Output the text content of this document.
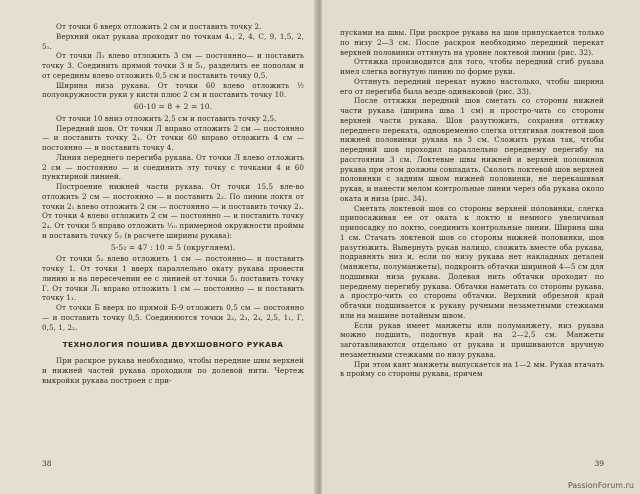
От точки 6 вверх отложить 2 см и поставить точку 2.

Верхний окат рукава проходит по точкам 4₁, 2, 4, С, 9, 1,5, 2, 5₁.

От точки Л₁ влево отложить 3 см — постоянно— и поставить точку 3. Соединить прямой точки 3 и 5₁, разделить ее пополам и от середины влево отложить 0,5 см и поставить точку 0,5.

Ширина низа рукава. От точки 60 влево отложить ½ полуокружности руки у кисти плюс 2 см и поставить точку 10.

60-10 = 8 + 2 = 10.

От точки 10 вниз отложить 2,5 см и поставить точку 2,5.

Передний шов. От точки Л вправо отложить 2 см — постоянно — и поставить точку 2₁. От точки 60 вправо отложить 4 см — постоянно — и поставить точку 4.

Линия переднего перегиба рукава. От точки Л влево отложить 2 см — постоянно — и соединить эту точку с точками 4 и 60 пунктирной линией.

Построение нижней части рукава. От точки 15,5 вле-во отложить 2 см — постоянно — и поставить 2₂. По линии локтя от точки 2₁ влево отложить 2 см — постоянно — и поставить точку 2₃. От точки 4 влево отложить 2 см — постоянно — и поставить точку 2₄. От точки 5 вправо отложить ¹⁄₁₀ примерной окружности проймы и поставить точку 5₂ (в расчете ширины рукава):

5-5₂ = 47 : 10 = 5 (округляем).

От точки 5₂ влево отложить 1 см — постоянно— и поставить точку 1. От точки 1 вверх параллельно окату рукава провести линию и на пересечении ее с линией от точки 5₁ поставить точку Г. От точки Л₁ вправо отложить 1 см — постоянно — и поставить точку 1₁.

От точки Б вверх по прямой Б-9 отложить 0,5 см — постоянно — и поставить точку 0,5. Соединяются точки 2₂, 2₃, 2₄, 2,5, 1₁, Г, 0,5, 1, 2₂.

ТЕХНОЛОГИЯ ПОШИВА ДВУХШОВНОГО РУКАВА

При раскрое рукава необходимо, чтобы передние швы верхней и нижней частей рукава проходили по долевой нити. Чертеж выкройки рукава построен с при-

38

пусками на швы. При раскрое рукава на шов припускается только по низу 2—3 см. После раскроя необходимо передний перекат верхней половинки оттянуть на уровне локтевой линии (рис. 32).

Оттяжка производится для того, чтобы передний сгиб рукава имел слегка вогнутую линию по форме руки.

Оттянуть передний перекат нужно настолько, чтобы ширина его от перегиба была везде одинаковой (рис. 33).

После оттяжки передний шов сметать со стороны нижней части рукава (ширина шва 1 см) и простро-чить со стороны верхней части рукава. Шов разутюжить, сохраняя оттяжку переднего переката, одновременно слегка оттягивая локтевой шов нижней половинки рукава на 3 см. Сложить рукав так, чтобы передний шов проходил параллельно переднему перегибу на расстоянии 3 см. Локтевые швы нижней и верхней половинок рукава при этом должны совпадать. Сколоть локтевой шов верхней половинки с задним швом нижней половинки, не перекашивая рукав, и нанести мелом контрольные линии через оба рукава около оката и низа (рис. 34).

Сметать локтевой шов со стороны верхней половинки, слегка припосаживая ее от оката к локтю и немного увеличивая припосадку по локтю, соединить контрольные линии. Ширина шва 1 см. Стачать локтевой шов со стороны нижней половинки, шов разутюжить. Вывернуть рукав налицо, сложить вместе оба рукава, подравнять низ и, если по низу рукава нет накладных деталей (манжеты, полуманжеты), подкроить обтачки шириной 4—5 см для подшивки низа рукава. Долевая нить обтачки проходит по переднему перегибу рукава. Обтачки наметать со стороны рукава, а простро-чить со стороны обтачки. Верхний обрезной край обтачки подшивается к рукаву ручными незаметными стежками или на машине потайным швом.

Если рукав имеет манжеты или полуманжету, низ рукава можно подшить, подогнув край на 2—2,5 см. Манжеты заготавливаются отдельно от рукава и пришиваются вручную незаметными стежками по низу рукава.

При этом кант манжеты выпускается на 1—2 мм. Рукав втачать в пройму со стороны рукава, причем

39
PassionForum.ru
